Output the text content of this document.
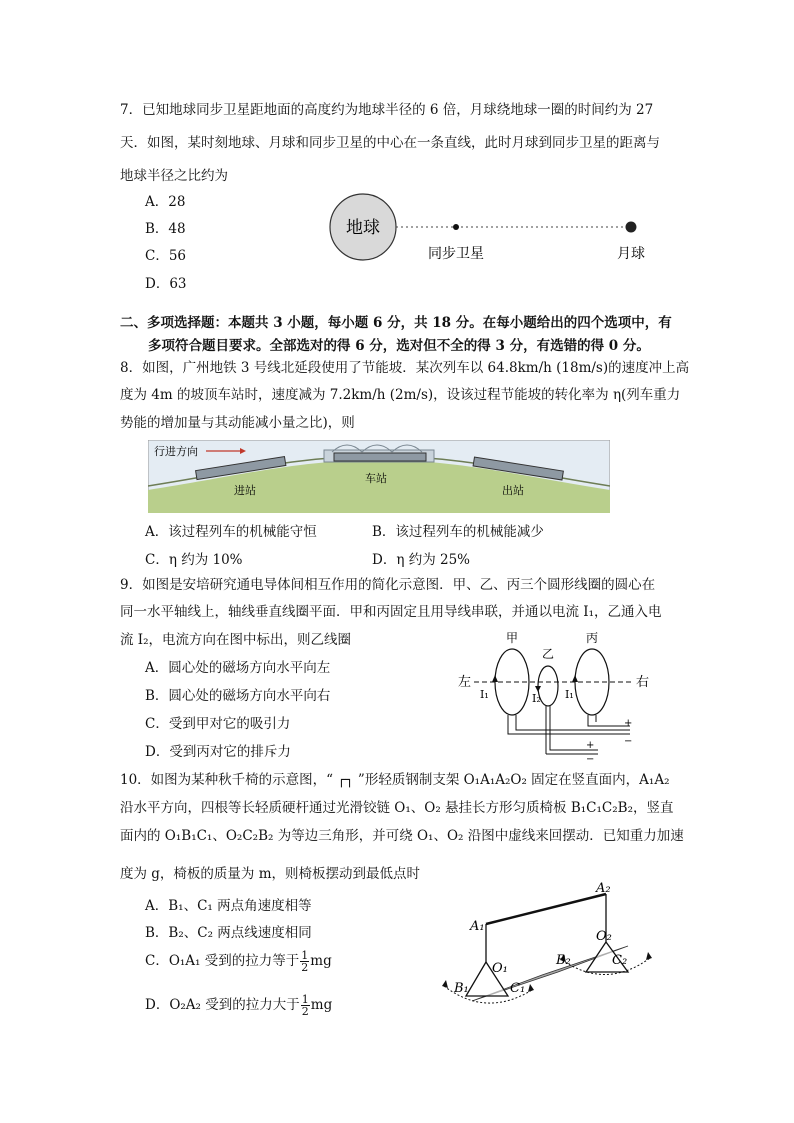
7．已知地球同步卫星距地面的高度约为地球半径的 6 倍，月球绕地球一圈的时间约为 27
天．如图，某时刻地球、月球和同步卫星的中心在一条直线，此时月球到同步卫星的距离与
地球半径之比约为
A．28
B．48
C．56
D．63
地球
同步卫星	月球
二、多项选择题：本题共 3 小题，每小题 6 分，共 18 分。在每小题给出的四个选项中，有
多项符合题目要求。全部选对的得 6 分，选对但不全的得 3 分，有选错的得 0 分。
8．如图，广州地铁 3 号线北延段使用了节能坡．某次列车以 64.8km/h (18m/s)的速度冲上高
度为 4m 的坡顶车站时，速度减为 7.2km/h (2m/s)，设该过程节能坡的转化率为 η(列车重力
势能的增加量与其动能减小量之比)，则
行进方向
车站
进站	出站
A．该过程列车的机械能守恒	B．该过程列车的机械能减少
C．η 约为 10%	D．η 约为 25%
9．如图是安培研究通电导体间相互作用的简化示意图．甲、乙、丙三个圆形线圈的圆心在
同一水平轴线上，轴线垂直线圈平面．甲和丙固定且用导线串联，并通以电流 I₁，乙通入电
流 I₂，电流方向在图中标出，则乙线圈
A．圆心处的磁场方向水平向左
B．圆心处的磁场方向水平向右
C．受到甲对它的吸引力
D．受到丙对它的排斥力
甲
乙
丙
左	右
I₁	I₂ I₁
+
−
+
−
10．如图为某种秋千椅的示意图，“ ┌┐ ”形轻质钢制支架 O₁A₁A₂O₂ 固定在竖直面内，A₁A₂
沿水平方向，四根等长轻质硬杆通过光滑铰链 O₁、O₂ 悬挂长方形匀质椅板 B₁C₁C₂B₂，竖直
面内的 O₁B₁C₁、O₂C₂B₂ 为等边三角形，并可绕 O₁、O₂ 沿图中虚线来回摆动．已知重力加速
度为 g，椅板的质量为 m，则椅板摆动到最低点时
A．B₁、C₁ 两点角速度相等
B．B₂、C₂ 两点线速度相同
C．O₁A₁ 受到的拉力等于 $\frac{1}{2}$ mg
D．O₂A₂ 受到的拉力大于 $\frac{1}{2}$ mg
A₁
A₂
O₁
O₂
B₁	C₁
B₂	C₂
